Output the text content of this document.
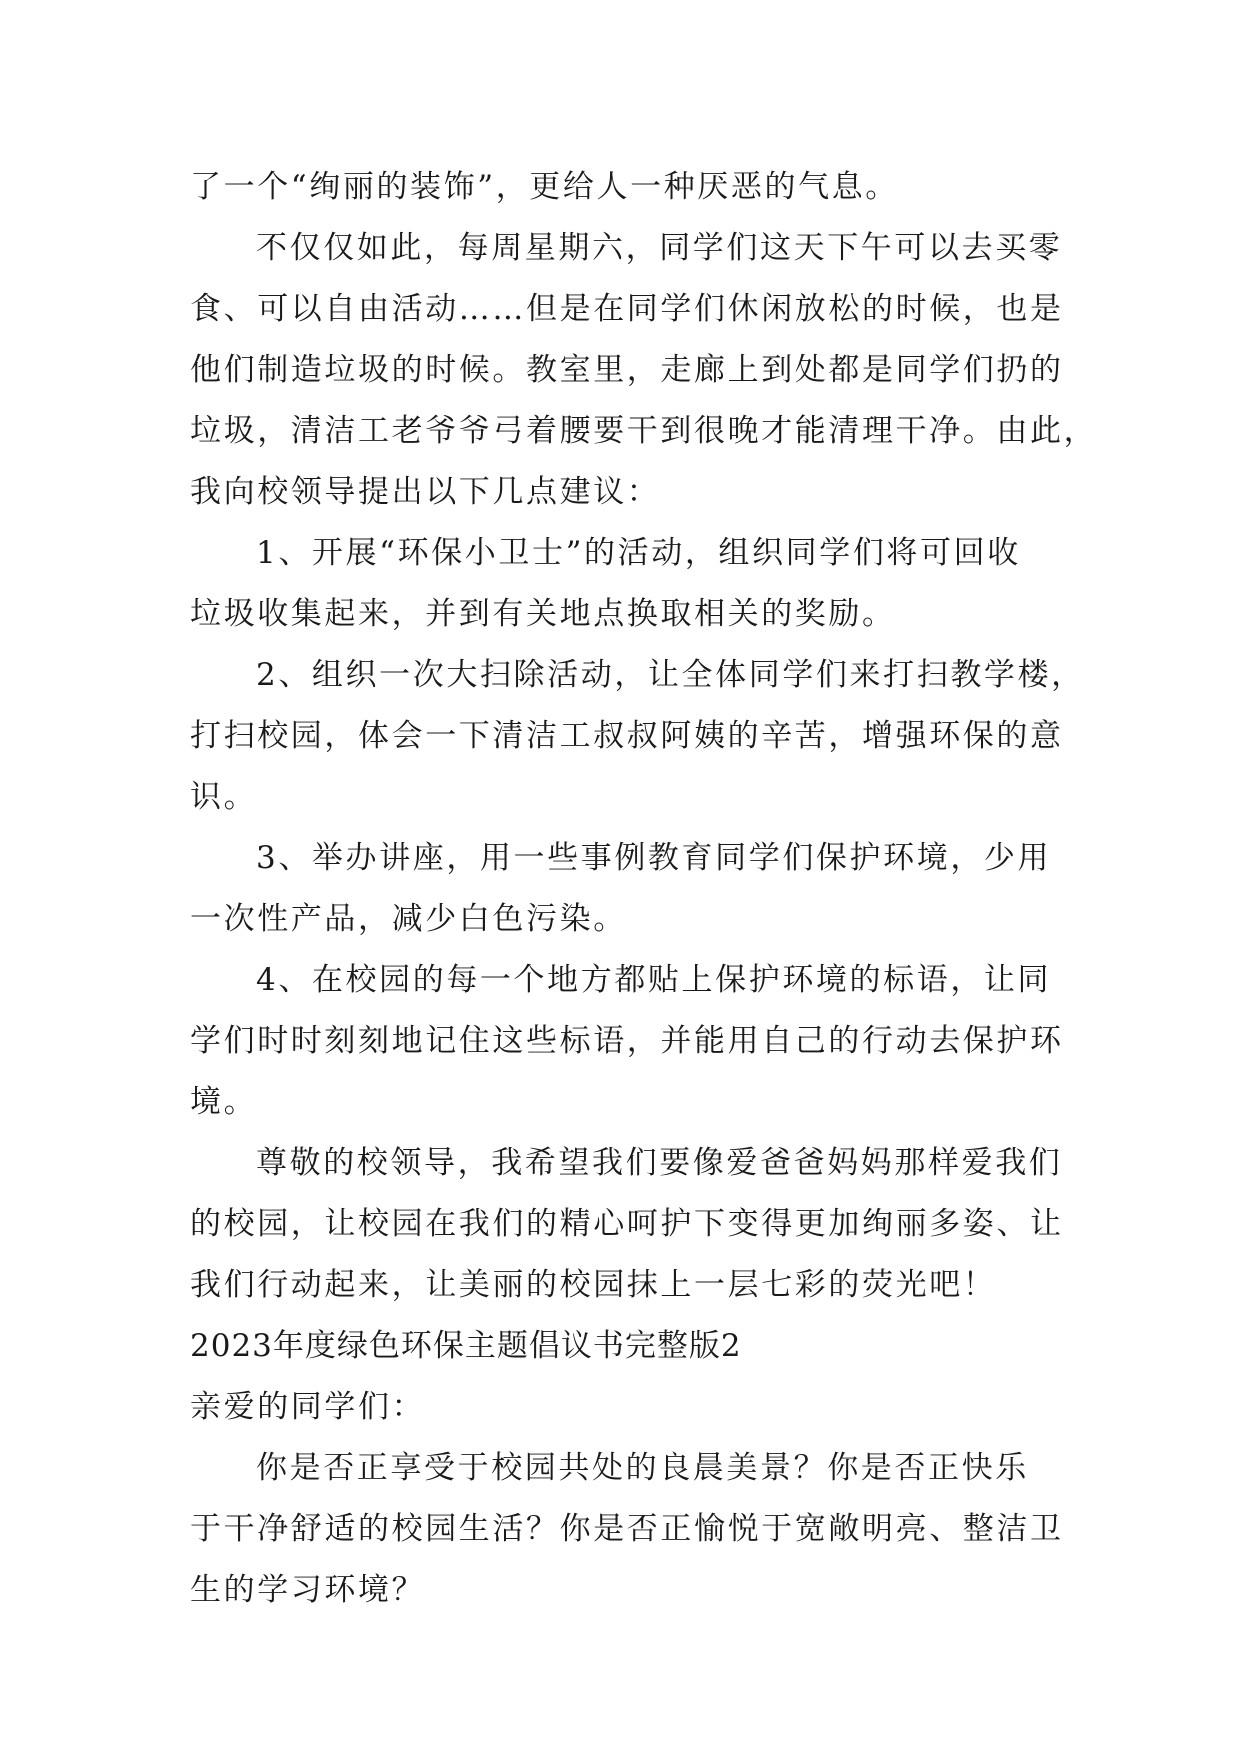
了一个“绚丽的装饰”，更给人一种厌恶的气息。
不仅仅如此，每周星期六，同学们这天下午可以去买零
食、可以自由活动……但是在同学们休闲放松的时候，也是
他们制造垃圾的时候。教室里，走廊上到处都是同学们扔的
垃圾，清洁工老爷爷弓着腰要干到很晚才能清理干净。由此，
我向校领导提出以下几点建议：
1、开展“环保小卫士”的活动，组织同学们将可回收
垃圾收集起来，并到有关地点换取相关的奖励。
2、组织一次大扫除活动，让全体同学们来打扫教学楼，
打扫校园，体会一下清洁工叔叔阿姨的辛苦，增强环保的意
识。
3、举办讲座，用一些事例教育同学们保护环境，少用
一次性产品，减少白色污染。
4、在校园的每一个地方都贴上保护环境的标语，让同
学们时时刻刻地记住这些标语，并能用自己的行动去保护环
境。
尊敬的校领导，我希望我们要像爱爸爸妈妈那样爱我们
的校园，让校园在我们的精心呵护下变得更加绚丽多姿、让
我们行动起来，让美丽的校园抹上一层七彩的荧光吧！
2023年度绿色环保主题倡议书完整版2
亲爱的同学们：
你是否正享受于校园共处的良晨美景？你是否正快乐
于干净舒适的校园生活？你是否正愉悦于宽敞明亮、整洁卫
生的学习环境？
